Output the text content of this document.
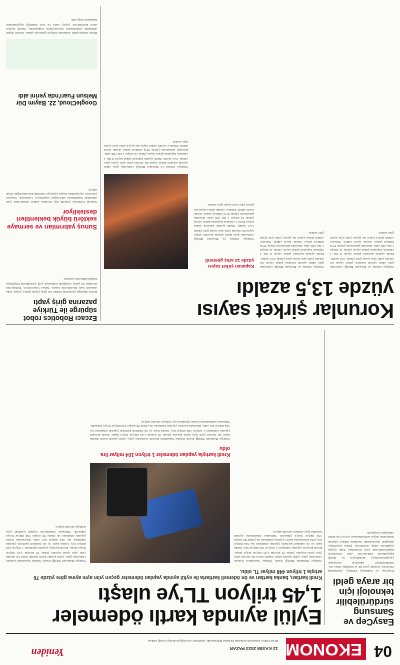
04
EKONOMİ
12 KASIM 2023 PAZAR
Yeniden
Berat Dilber şirketinin dönemin İstanbul Büyükşehir yetkilileri aracılığıyla ihaleyi aldığı iddiası
EasyCep ve Samsung sürdürülebilir teknoloji için bir araya geldi
EasyCep ve Samsung Türkiye, yenilenmiş cihazlara yönelik yeni bir iş birliğine imza attı. Sürdürülebilir teknoloji anlayışını yaygınlaştırmayı hedefleyen iş birliği kapsamında kullanıcılar eski cihazlarını değerlendirerek yeni modellere daha uygun koşullarla sahip olabilecek. Şirket yetkilileri, döngüsel ekonominin önemine dikkat çekerek elektronik atığın azaltılmasının çevre için kritik olduğunu vurguladı.
Eylül ayında kartlı ödemeler
1,45 trilyon TL'ye ulaştı
Kredi kartları, banka kartları ve ön ödemeli kartlarla ile eylül ayında yapılan ödemeler geçen yılın aynı ayına göre yüzde 76 artışla 1 trilyon 448 milyar TL oldu.
Türkiye Bankalar Birliği Kartlı Ödeme Sistemleri Kurulu verilerine göre, eylül ayında kartlı ödeme tutarı bir önceki yılın aynı ayına kıyasla yüzde 76 artarak 1,45 trilyon liraya ulaştı. Kredi kartıyla yapılan ödemeler 1 trilyon 104 milyar lira, banka kartı ve ön ödemeli kartlarla yapılan ödemeler ise 344 milyar lira oldu. İnternetten kartla yapılan ödemeler de yüzde 90 artışla 354 milyar liraya yükseldi. Temassız ödemelerin toplam içindeki payı artmaya devam ediyor.
Türkiye Bankalar Birliği Kartlı Ödeme Sistemleri Kurulu verilerine göre, eylül ayında kartlı ödeme tutarı bir önceki yılın aynı ayına kıyasla yüzde 76 artarak 1,45 trilyon liraya ulaştı. Kredi kartıyla yapılan ödemeler 1 trilyon 104 milyar lira, banka kartı ve ön ödemeli kartlarla yapılan ödemeler ise 344 milyar lira oldu. İnternetten kartla yapılan ödemeler de yüzde 90 artışla 354 milyar liraya yükseldi. Temassız ödemelerin toplam içindeki payı artmaya devam ediyor.
Kredi kartıyla yapılan ödemeler 1 trilyon 104 milyar lira oldu
Türkiye Bankalar Birliği Kartlı Ödeme Sistemleri Kurulu verilerine göre, eylül ayında kartlı ödeme tutarı bir önceki yılın aynı ayına kıyasla yüzde 76 artarak 1,45 trilyon liraya ulaştı. Kredi kartıyla yapılan ödemeler 1 trilyon 104 milyar lira, banka kartı ve ön ödemeli kartlarla yapılan ödemeler ise 344 milyar lira oldu. İnternetten kartla yapılan ödemeler de yüzde 90 artışla 354 milyar liraya yükseldi. Temassız ödemelerin toplam içindeki payı artmaya devam ediyor.
Korunlar şirket sayısı
yüzde 13,5 azaldı
Türkiye Odalar ve Borsalar Birliği verilerine göre ekim ayında kurulan şirket sayısı bir önceki yılın aynı ayına göre yüzde 13,5 azaldı. Ekim ayında kurulan şirket sayısı 8 bin 1 olurken, kapanan şirket sayısı yüzde 12 artışla 1 bin 106 oldu. Kurulan şirketlerin yüzde 87'si limited şirket olarak tescil edildi. Yabancı ortaklı şirket sayısı ise geçen yılın aynı ayına göre azaldı.
Türkiye Odalar ve Borsalar Birliği verilerine göre ekim ayında kurulan şirket sayısı bir önceki yılın aynı ayına göre yüzde 13,5 azaldı. Ekim ayında kurulan şirket sayısı 8 bin 1 olurken, kapanan şirket sayısı yüzde 12 artışla 1 bin 106 oldu. Kurulan şirketlerin yüzde 87'si limited şirket olarak tescil edildi. Yabancı ortaklı şirket sayısı ise geçen yılın aynı ayına göre azaldı.
Kapanan şirket sayısı yüzde 12 artış gösterdi
Türkiye Odalar ve Borsalar Birliği verilerine göre ekim ayında kurulan şirket sayısı bir önceki yılın aynı ayına göre yüzde 13,5 azaldı. Ekim ayında kurulan şirket sayısı 8 bin 1 olurken, kapanan şirket sayısı yüzde 12 artışla 1 bin 106 oldu. Kurulan şirketlerin yüzde 87'si limited şirket olarak tescil edildi. Yabancı ortaklı şirket sayısı ise geçen yılın aynı ayına göre azaldı.
Türkiye Odalar ve Borsalar Birliği verilerine göre ekim ayında kurulan şirket sayısı bir önceki yılın aynı ayına göre yüzde 13,5 azaldı. Ekim ayında kurulan şirket sayısı 8 bin 1 olurken, kapanan şirket sayısı yüzde 12 artışla 1 bin 106 oldu. Kurulan şirketlerin yüzde 87'si limited şirket olarak tescil edildi. Yabancı ortaklı şirket sayısı ise geçen yılın aynı ayına göre azaldı.
Ezcacı Robotics robot süpürge ile Türkiye pazarına giriş yaptı
Robot süpürge pazarında iddialı bir giriş yapan şirket, yapay zeka destekli yeni modellerini tanıttı. Şirket yöneticileri, Türkiye'nin stratejik bir pazar olduğunu belirterek yeni yatırımlarla büyümeyi hedeflediklerini açıkladı.
Sunuş yatırımları ve sermaye sektörü büyük beklentileri destekliyor
Yatırım fonlarına yönelik ilgi artarken sektör temsilcileri yeni dönemde büyümenin süreceğini öngörüyor. Uzmanlar, bireysel yatırımcı sayısındaki artışın piyasaya derinlik kazandırdığını ifade ediyor.
GoogleCloud, 22. Bayım Dür Melsun Fuarı'nda yerini aldı
Bulut teknolojileri alanında faaliyet gösteren şirket, fuarda dijital dönüşüm çözümlerini ziyaretçilerle buluşturdu. Standı ziyaret eden katılımcılar yapay zeka ve veri analitiği uygulamaları hakkında bilgi aldı.
